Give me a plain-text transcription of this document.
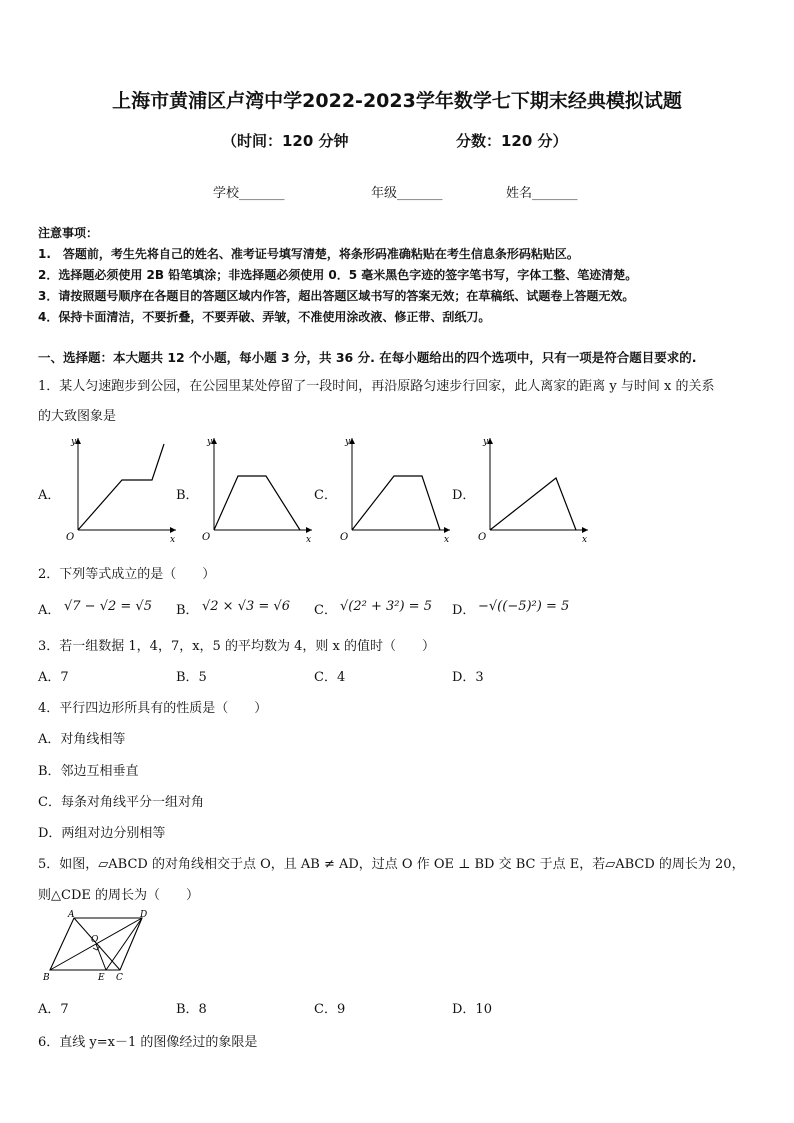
上海市黄浦区卢湾中学2022-2023学年数学七下期末经典模拟试题
（时间：120 分钟	分数：120 分）
学校_______	年级_______	姓名_______
注意事项：
1.　答题前，考生先将自己的姓名、准考证号填写清楚，将条形码准确粘贴在考生信息条形码粘贴区。
2．选择题必须使用 2B 铅笔填涂；非选择题必须使用 0．5 毫米黑色字迹的签字笔书写，字体工整、笔迹清楚。
3．请按照题号顺序在各题目的答题区域内作答，超出答题区域书写的答案无效；在草稿纸、试题卷上答题无效。
4．保持卡面清洁，不要折叠，不要弄破、弄皱，不准使用涂改液、修正带、刮纸刀。
一、选择题：本大题共 12 个小题，每小题 3 分，共 36 分. 在每小题给出的四个选项中，只有一项是符合题目要求的.
1．某人匀速跑步到公园，在公园里某处停留了一段时间，再沿原路匀速步行回家，此人离家的距离 y 与时间 x 的关系
的大致图象是
A．	B．	C．	D．
y
x
O
y
x
O
y
x
O
y
x
O
2．下列等式成立的是（　　）
A． √7 − √2 = √5 B． √2 × √3 = √6 C． √(2² + 3²) = 5 D． −√((−5)²) = 5
3．若一组数据 1，4，7，x，5 的平均数为 4，则 x 的值时（　　）
A．7	B．5	C．4	D．3
4．平行四边形所具有的性质是（　　）
A．对角线相等
B．邻边互相垂直
C．每条对角线平分一组对角
D．两组对边分别相等
5．如图，▱ABCD 的对角线相交于点 O，且 AB ≠ AD，过点 O 作 OE ⊥ BD 交 BC 于点 E，若▱ABCD 的周长为 20，
则△CDE 的周长为（　　）
A	D
B	C
O
E
A．7	B．8	C．9	D．10
6．直线 y=x－1 的图像经过的象限是
